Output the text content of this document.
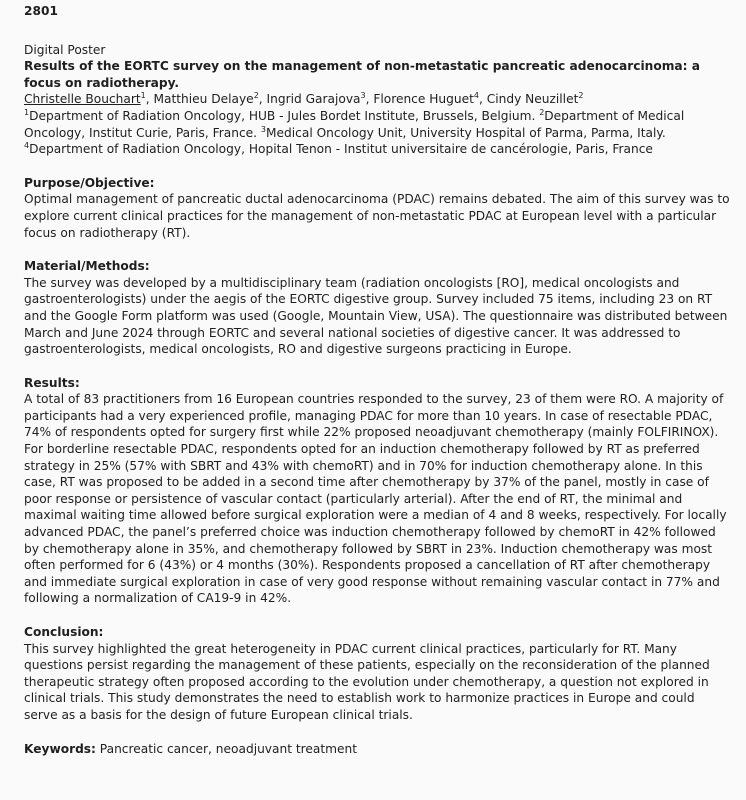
2801
Digital Poster
Results of the EORTC survey on the management of non-metastatic pancreatic adenocarcinoma: a focus on radiotherapy.
Christelle Bouchart$^1$, Matthieu Delaye$^2$, Ingrid Garajova$^3$, Florence Huguet$^4$, Cindy Neuzillet$^2$
$^1$Department of Radiation Oncology, HUB - Jules Bordet Institute, Brussels, Belgium. $^2$Department of Medical Oncology, Institut Curie, Paris, France. $^3$Medical Oncology Unit, University Hospital of Parma, Parma, Italy. $^4$Department of Radiation Oncology, Hopital Tenon - Institut universitaire de cancérologie, Paris, France
Purpose/Objective:

Optimal management of pancreatic ductal adenocarcinoma (PDAC) remains debated. The aim of this survey was to explore current clinical practices for the management of non-metastatic PDAC at European level with a particular focus on radiotherapy (RT).

Material/Methods:

The survey was developed by a multidisciplinary team (radiation oncologists [RO], medical oncologists and gastroenterologists) under the aegis of the EORTC digestive group. Survey included 75 items, including 23 on RT and the Google Form platform was used (Google, Mountain View, USA). The questionnaire was distributed between March and June 2024 through EORTC and several national societies of digestive cancer. It was addressed to gastroenterologists, medical oncologists, RO and digestive surgeons practicing in Europe.

Results:

A total of 83 practitioners from 16 European countries responded to the survey, 23 of them were RO. A majority of participants had a very experienced profile, managing PDAC for more than 10 years. In case of resectable PDAC, 74% of respondents opted for surgery first while 22% proposed neoadjuvant chemotherapy (mainly FOLFIRINOX). For borderline resectable PDAC, respondents opted for an induction chemotherapy followed by RT as preferred strategy in 25% (57% with SBRT and 43% with chemoRT) and in 70% for induction chemotherapy alone. In this case, RT was proposed to be added in a second time after chemotherapy by 37% of the panel, mostly in case of poor response or persistence of vascular contact (particularly arterial). After the end of RT, the minimal and maximal waiting time allowed before surgical exploration were a median of 4 and 8 weeks, respectively. For locally advanced PDAC, the panel’s preferred choice was induction chemotherapy followed by chemoRT in 42% followed by chemotherapy alone in 35%, and chemotherapy followed by SBRT in 23%. Induction chemotherapy was most often performed for 6 (43%) or 4 months (30%). Respondents proposed a cancellation of RT after chemotherapy and immediate surgical exploration in case of very good response without remaining vascular contact in 77% and following a normalization of CA19-9 in 42%.

Conclusion:

This survey highlighted the great heterogeneity in PDAC current clinical practices, particularly for RT. Many questions persist regarding the management of these patients, especially on the reconsideration of the planned therapeutic strategy often proposed according to the evolution under chemotherapy, a question not explored in clinical trials. This study demonstrates the need to establish work to harmonize practices in Europe and could serve as a basis for the design of future European clinical trials.

Keywords: Pancreatic cancer, neoadjuvant treatment
